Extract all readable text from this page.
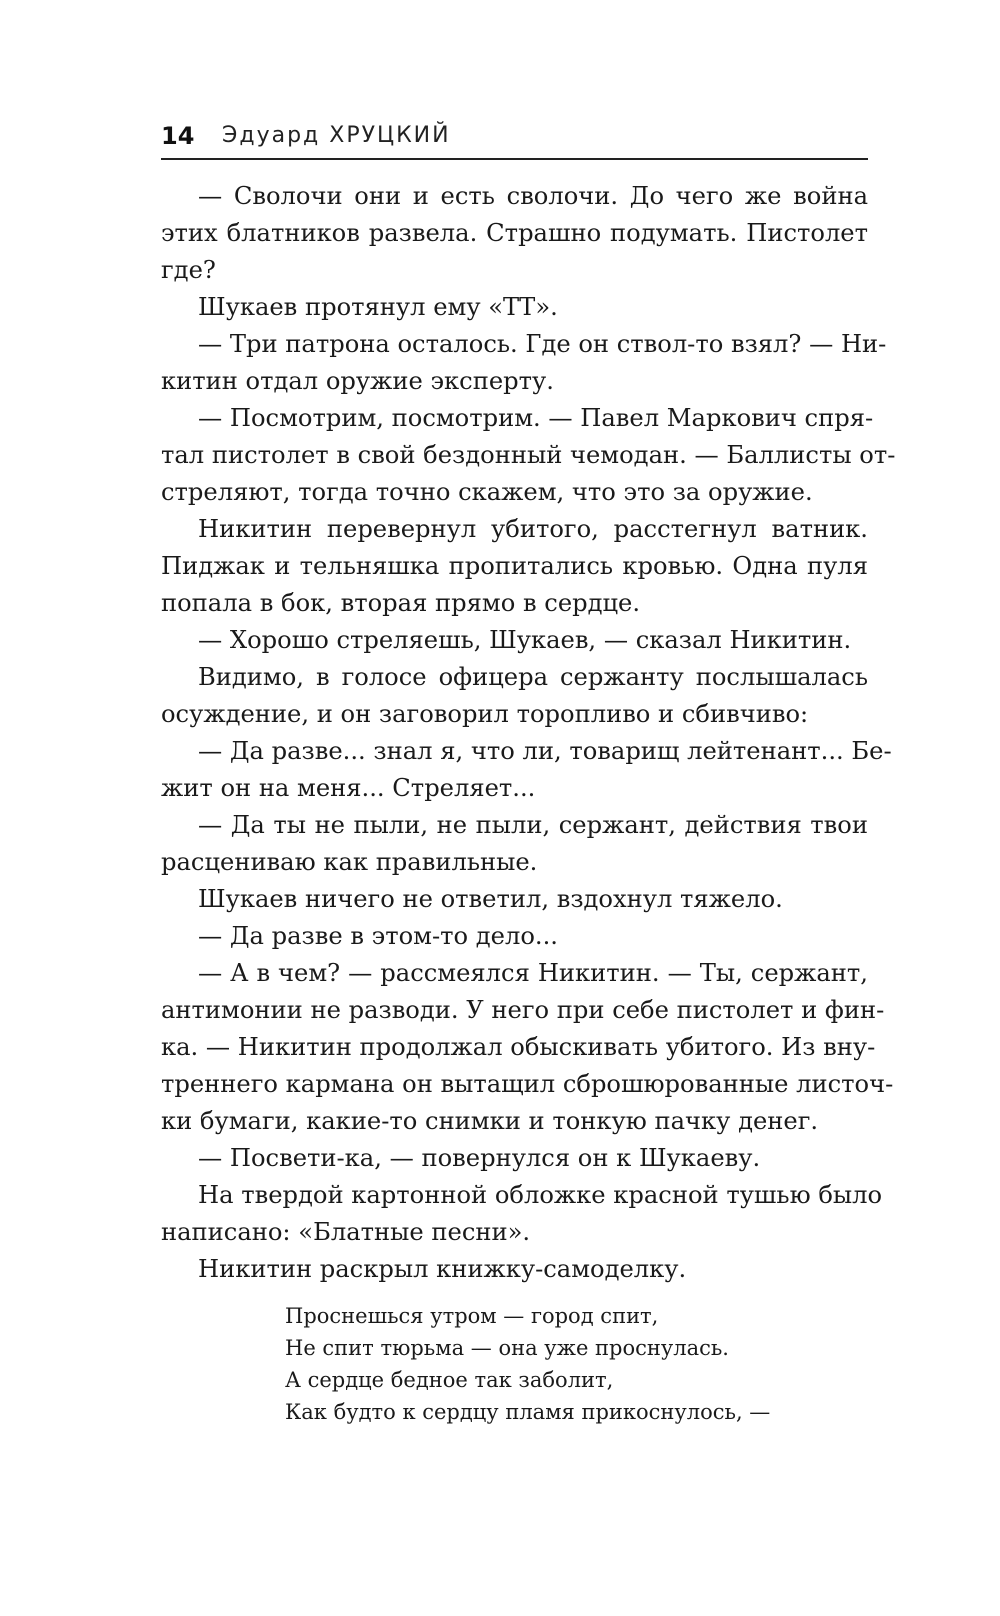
14 Эдуард ХРУЦКИЙ
— Сволочи они и есть сволочи. До чего же война
этих блатников развела. Страшно подумать. Пистолет
где?
Шукаев протянул ему «ТТ».
— Три патрона осталось. Где он ствол-то взял? — Ни-
китин отдал оружие эксперту.
— Посмотрим, посмотрим. — Павел Маркович спря-
тал пистолет в свой бездонный чемодан. — Баллисты от-
стреляют, тогда точно скажем, что это за оружие.
Никитин перевернул убитого, расстегнул ватник.
Пиджак и тельняшка пропитались кровью. Одна пуля
попала в бок, вторая прямо в сердце.
— Хорошо стреляешь, Шукаев, — сказал Никитин.
Видимо, в голосе офицера сержанту послышалась
осуждение, и он заговорил торопливо и сбивчиво:
— Да разве... знал я, что ли, товарищ лейтенант... Бе-
жит он на меня... Стреляет...
— Да ты не пыли, не пыли, сержант, действия твои
расцениваю как правильные.
Шукаев ничего не ответил, вздохнул тяжело.
— Да разве в этом-то дело...
— А в чем? — рассмеялся Никитин. — Ты, сержант,
антимонии не разводи. У него при себе пистолет и фин-
ка. — Никитин продолжал обыскивать убитого. Из вну-
треннего кармана он вытащил сброшюрованные листоч-
ки бумаги, какие-то снимки и тонкую пачку денег.
— Посвети-ка, — повернулся он к Шукаеву.
На твердой картонной обложке красной тушью было
написано: «Блатные песни».
Никитин раскрыл книжку-самоделку.
Проснешься утром — город спит,
Не спит тюрьма — она уже проснулась.
А сердце бедное так заболит,
Как будто к сердцу пламя прикоснулось, —
